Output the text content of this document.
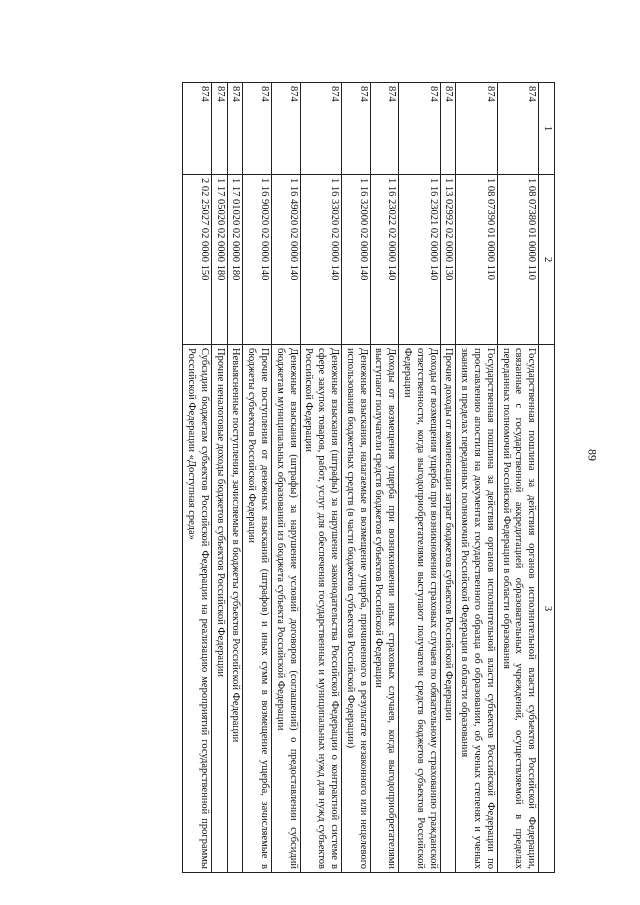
89
1	2	3
874	1 08 07380 01 0000 110	Государственная пошлина за действия органов исполнительной власти субъектов Российской Федерации, связанные с государственной аккредитацией образовательных учреждений, осуществляемой в пределах переданных полномочий Российской Федерации в области образования
874	1 08 07390 01 0000 110	Государственная пошлина за действия органов исполнительной власти субъектов Российской Федерации по проставлению апостиля на документах государственного образца об образовании, об ученых степенях и ученых званиях в пределах переданных полномочий Российской Федерации в области образования
874	1 13 02992 02 0000 130	Прочие доходы от компенсации затрат бюджетов субъектов Российской Федерации
874	1 16 23021 02 0000 140	Доходы от возмещения ущерба при возникновении страховых случаев по обязательному страхованию гражданской ответственности, когда выгодоприобретателями выступают получатели средств бюджетов субъектов Российской Федерации
874	1 16 23022 02 0000 140	Доходы от возмещения ущерба при возникновении иных страховых случаев, когда выгодоприобретателями выступают получатели средств бюджетов субъектов Российской Федерации
874	1 16 32000 02 0000 140	Денежные взыскания, налагаемые в возмещение ущерба, причиненного в результате незаконного или нецелевого использования бюджетных средств (в части бюджетов субъектов Российской Федерации)
874	1 16 33020 02 0000 140	Денежные взыскания (штрафы) за нарушение законодательства Российской Федерации о контрактной системе в сфере закупок товаров, работ, услуг для обеспечения государственных и муниципальных нужд для нужд субъектов Российской Федерации
874	1 16 49020 02 0000 140	Денежные взыскания (штрафы) за нарушение условий договоров (соглашений) о предоставлении субсидий бюджетам муниципальных образований из бюджета субъекта Российской Федерации
874	1 16 90020 02 0000 140	Прочие поступления от денежных взысканий (штрафов) и иных сумм в возмещение ущерба, зачисляемые в бюджеты субъектов Российской Федерации
874	1 17 01020 02 0000 180	Невыясненные поступления, зачисляемые в бюджеты субъектов Российской Федерации
874	1 17 05020 02 0000 180	Прочие неналоговые доходы бюджетов субъектов Российской Федерации
874	2 02 25027 02 0000 150	Субсидии бюджетам субъектов Российской Федерации на реализацию мероприятий государственной программы Российской Федерации «Доступная среда»
